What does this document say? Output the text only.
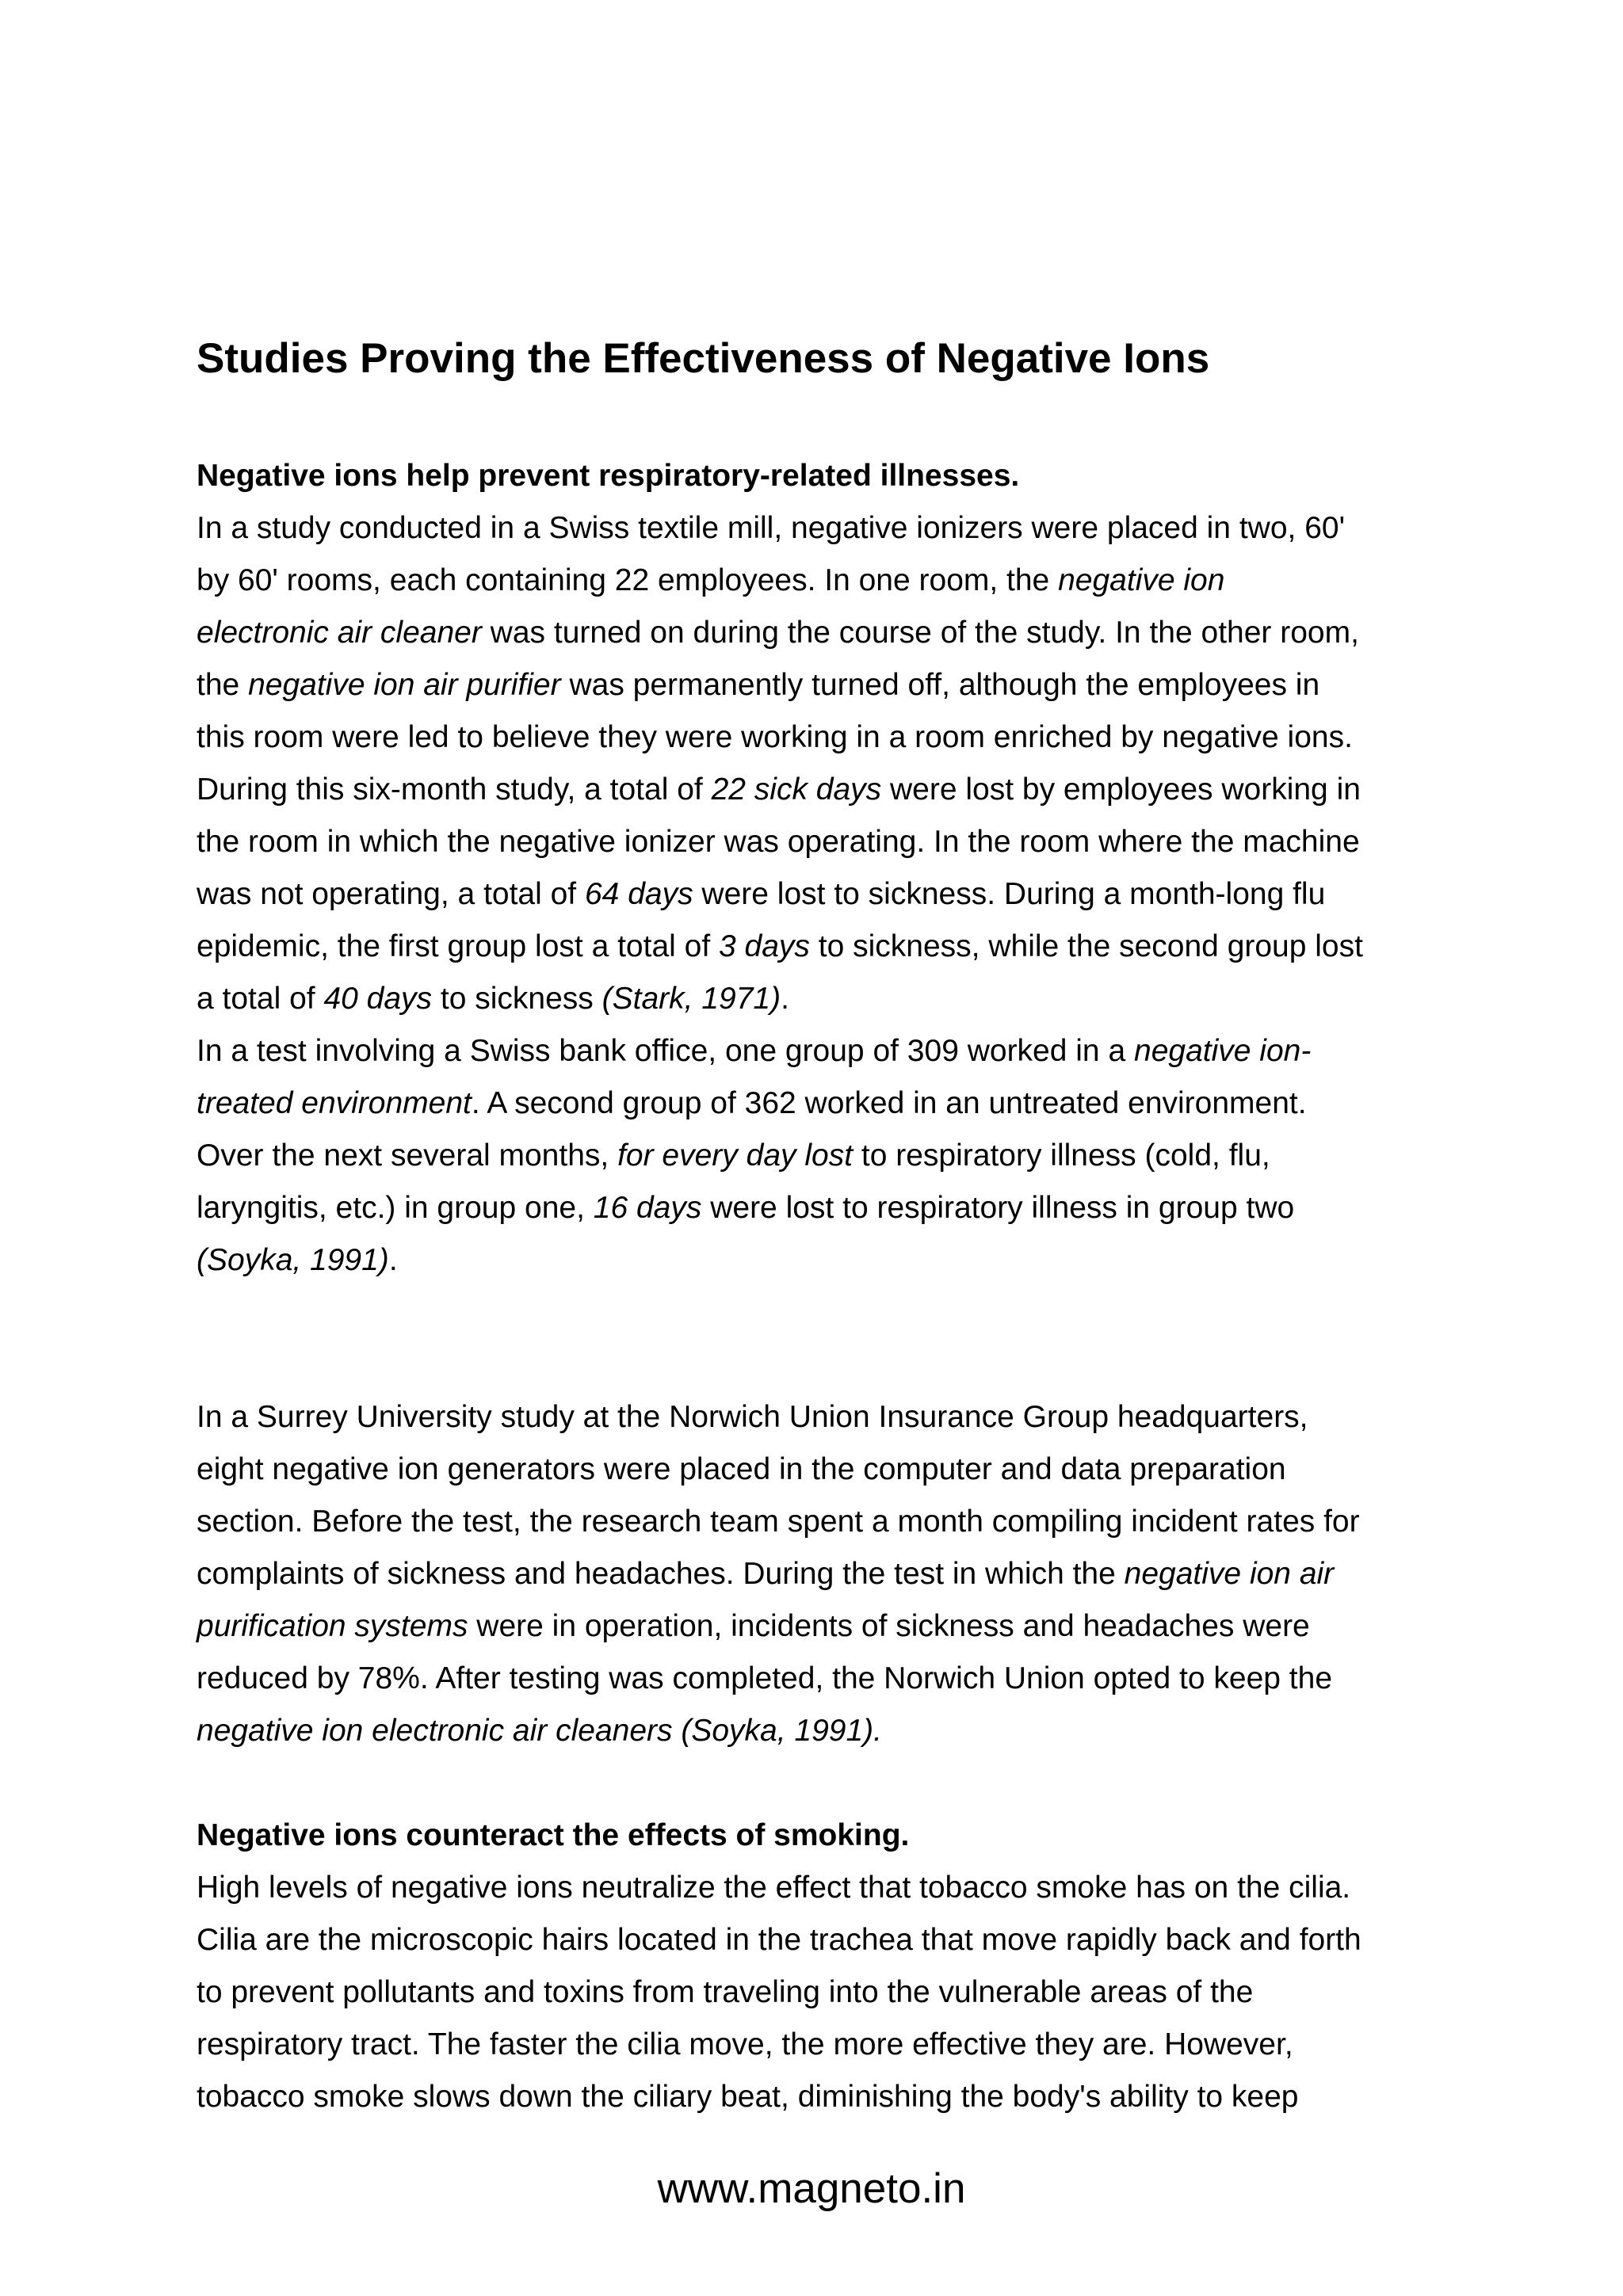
Studies Proving the Effectiveness of Negative Ions
Negative ions help prevent respiratory-related illnesses.

In a study conducted in a Swiss textile mill, negative ionizers were placed in two, 60'
by 60' rooms, each containing 22 employees. In one room, the negative ion
electronic air cleaner was turned on during the course of the study. In the other room,
the negative ion air purifier was permanently turned off, although the employees in
this room were led to believe they were working in a room enriched by negative ions.
During this six-month study, a total of 22 sick days were lost by employees working in
the room in which the negative ionizer was operating. In the room where the machine
was not operating, a total of 64 days were lost to sickness. During a month-long flu
epidemic, the first group lost a total of 3 days to sickness, while the second group lost
a total of 40 days to sickness (Stark, 1971).

In a test involving a Swiss bank office, one group of 309 worked in a negative ion-
treated environment. A second group of 362 worked in an untreated environment.
Over the next several months, for every day lost to respiratory illness (cold, flu,
laryngitis, etc.) in group one, 16 days were lost to respiratory illness in group two
(Soyka, 1991).

In a Surrey University study at the Norwich Union Insurance Group headquarters,
eight negative ion generators were placed in the computer and data preparation
section. Before the test, the research team spent a month compiling incident rates for
complaints of sickness and headaches. During the test in which the negative ion air
purification systems were in operation, incidents of sickness and headaches were
reduced by 78%. After testing was completed, the Norwich Union opted to keep the
negative ion electronic air cleaners (Soyka, 1991).

Negative ions counteract the effects of smoking.

High levels of negative ions neutralize the effect that tobacco smoke has on the cilia.
Cilia are the microscopic hairs located in the trachea that move rapidly back and forth
to prevent pollutants and toxins from traveling into the vulnerable areas of the
respiratory tract. The faster the cilia move, the more effective they are. However,
tobacco smoke slows down the ciliary beat, diminishing the body's ability to keep

www.magneto.in
